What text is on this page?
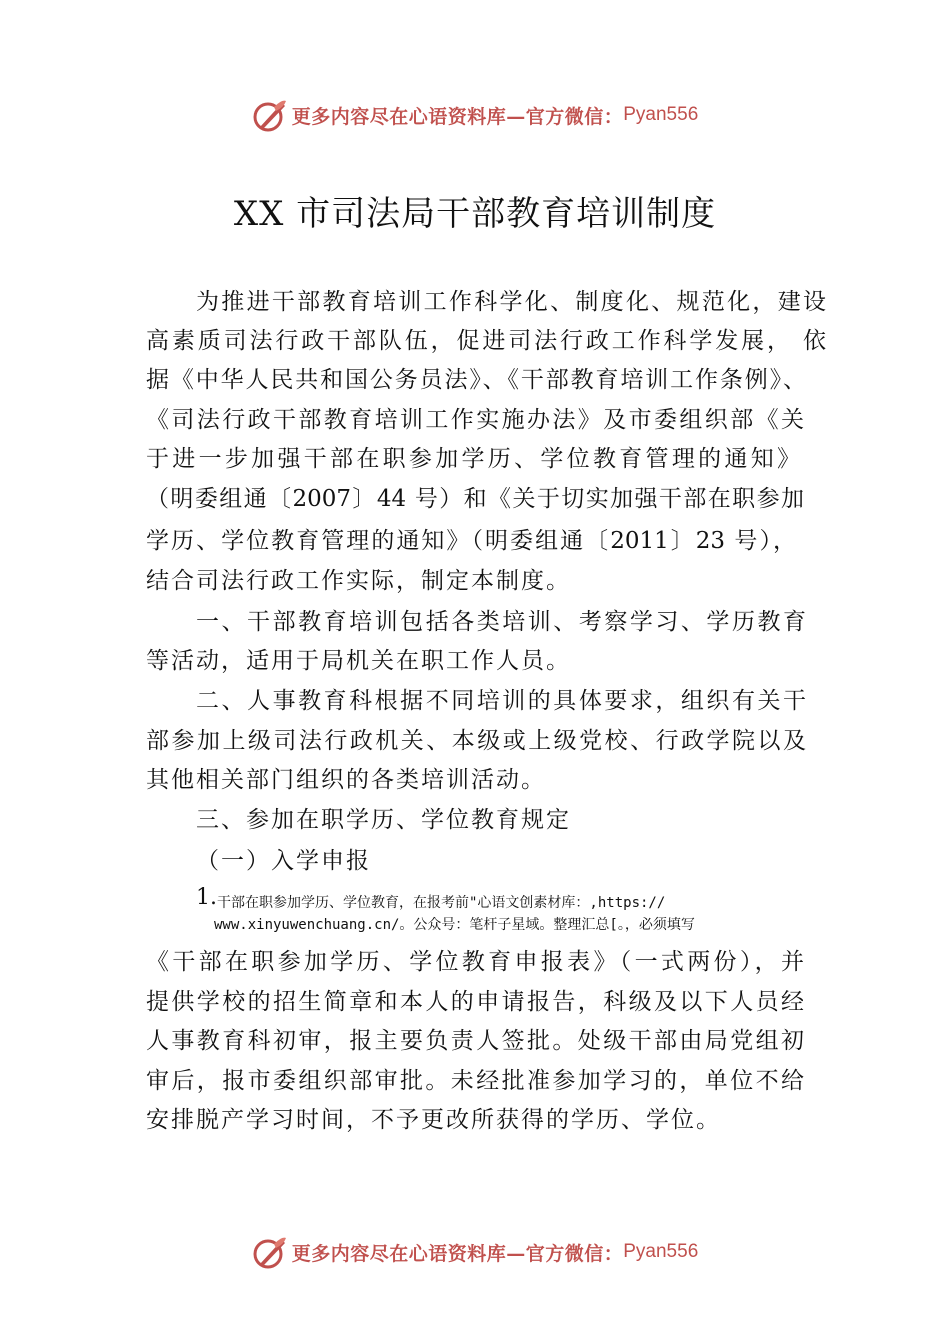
更多内容尽在心语资料库—官方微信： Pyan556
XX 市司法局干部教育培训制度

为推进干部教育培训工作科学化、制度化、规范化，建设

高素质司法行政干部队伍，促进司法行政工作科学发展， 依

据《中华人民共和国公务员法》、《干部教育培训工作条例》、

《司法行政干部教育培训工作实施办法》及市委组织部《关

于进一步加强干部在职参加学历、学位教育管理的通知》

（明委组通〔2007〕44 号）和《关于切实加强干部在职参加

学历、学位教育管理的通知》（明委组通〔2011〕23 号），

结合司法行政工作实际，制定本制度。

一、干部教育培训包括各类培训、考察学习、学历教育

等活动，适用于局机关在职工作人员。

二、人事教育科根据不同培训的具体要求，组织有关干

部参加上级司法行政机关、本级或上级党校、行政学院以及

其他相关部门组织的各类培训活动。

三、参加在职学历、学位教育规定

（一）入学申报

1. 干部在职参加学历、学位教育，在报考前"心语文创素材库：,https://

www.xinyuwenchuang.cn/。公众号：笔杆子星域。整理汇总[。，必须填写

《干部在职参加学历、学位教育申报表》（一式两份），并

提供学校的招生简章和本人的申请报告，科级及以下人员经

人事教育科初审，报主要负责人签批。处级干部由局党组初

审后，报市委组织部审批。未经批准参加学习的，单位不给

安排脱产学习时间，不予更改所获得的学历、学位。

更多内容尽在心语资料库—官方微信： Pyan556
